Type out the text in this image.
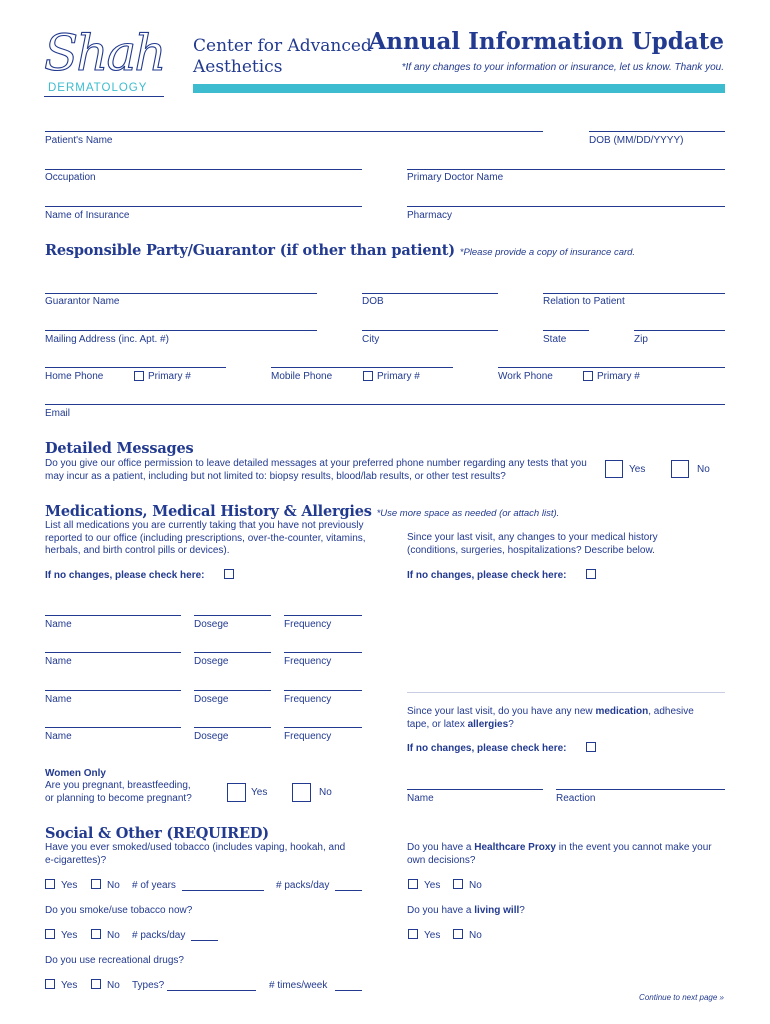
Shah
DERMATOLOGY
Center for Advanced
Aesthetics
Annual Information Update
*If any changes to your information or insurance, let us know. Thank you.
Patient's Name	DOB (MM/DD/YYYY)
Occupation	Primary Doctor Name
Name of Insurance	Pharmacy
Responsible Party/Guarantor (if other than patient) *Please provide a copy of insurance card.
Guarantor Name	DOB	Relation to Patient
Mailing Address (inc. Apt. #)	City	State	Zip
Home Phone	Primary #	Mobile Phone	Primary #	Work Phone	Primary #
Email
Detailed Messages
Do you give our office permission to leave detailed messages at your preferred phone number regarding any tests that you may incur as a patient, including but not limited to: biopsy results, blood/lab results, or other test results?
Yes	No
Medications, Medical History & Allergies *Use more space as needed (or attach list).
List all medications you are currently taking that you have not previously reported to our office (including prescriptions, over-the-counter, vitamins, herbals, and birth control pills or devices).
Since your last visit, any changes to your medical history (conditions, surgeries, hospitalizations? Describe below.
If no changes, please check here:	If no changes, please check here:
Name	Dosege	Frequency
Name	Dosege	Frequency
Name	Dosege	Frequency
Name	Dosege	Frequency
Since your last visit, do you have any new medication, adhesive tape, or latex allergies?
If no changes, please check here:
Name	Reaction
Women Only
Are you pregnant, breastfeeding,
or planning to become pregnant?	Yes	No
Social & Other (REQUIRED)
Have you ever smoked/used tobacco (includes vaping, hookah, and e-cigarettes)?
Yes	No # of years	# packs/day
Do you smoke/use tobacco now?
Yes	No # packs/day
Do you use recreational drugs?
Yes	No Types?	# times/week
Do you have a Healthcare Proxy in the event you cannot make your own decisions?
Yes	No
Do you have a living will?
Yes	No
Continue to next page »
